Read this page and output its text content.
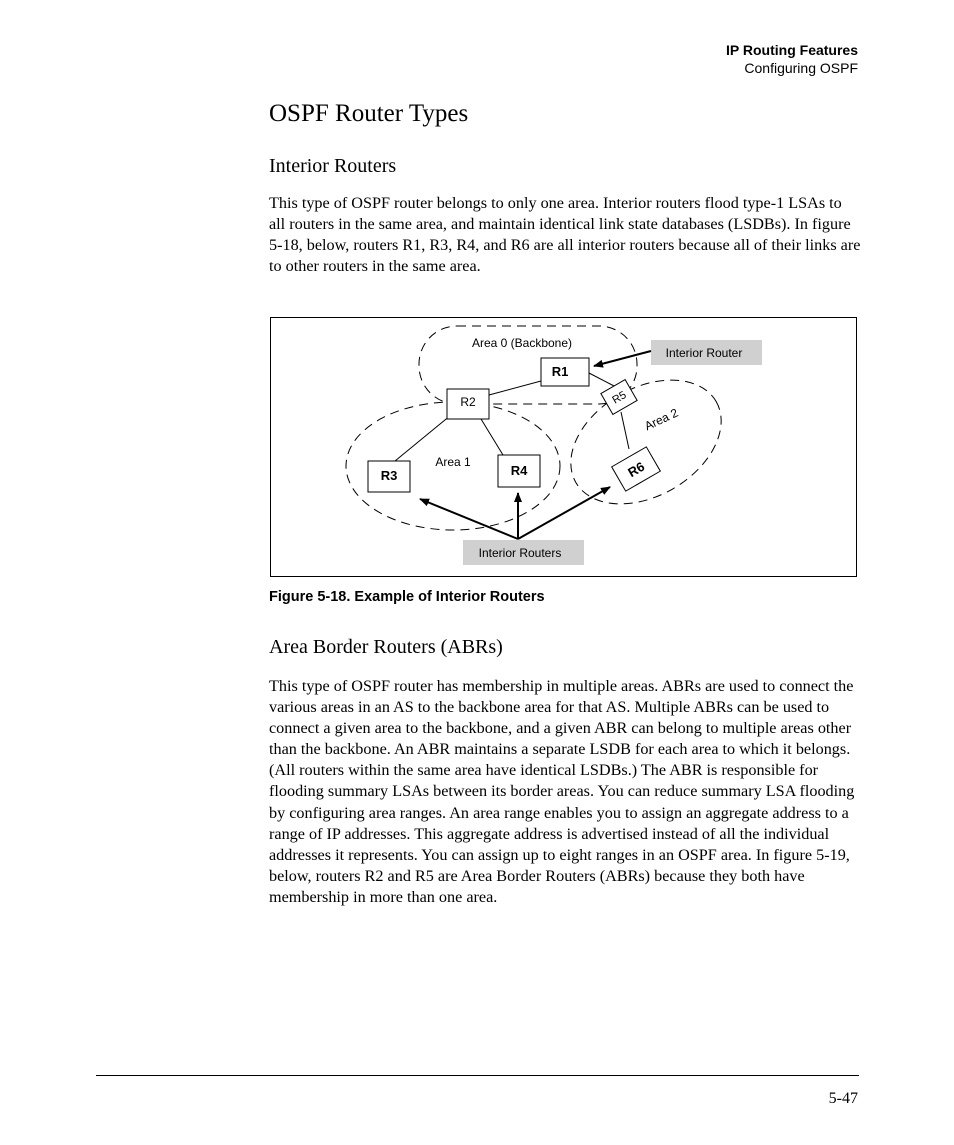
IP Routing Features
Configuring OSPF
OSPF Router Types
Interior Routers

This type of OSPF router belongs to only one area. Interior routers flood type-1 LSAs to all routers in the same area, and maintain identical link state databases (LSDBs). In figure 5-18, below, routers R1, R3, R4, and R6 are all interior routers because all of their links are to other routers in the same area.

R1
R2
R3	R4
R5
R6
Area 0 (Backbone)
Area 1
Area 2
Interior Router
Interior Routers
Figure 5-18. Example of Interior Routers
Area Border Routers (ABRs)

This type of OSPF router has membership in multiple areas. ABRs are used to connect the various areas in an AS to the backbone area for that AS. Multiple ABRs can be used to connect a given area to the backbone, and a given ABR can belong to multiple areas other than the backbone. An ABR maintains a separate LSDB for each area to which it belongs. (All routers within the same area have identical LSDBs.) The ABR is responsible for flooding summary LSAs between its border areas. You can reduce summary LSA flooding by configuring area ranges. An area range enables you to assign an aggregate address to a range of IP addresses. This aggregate address is advertised instead of all the individual addresses it represents. You can assign up to eight ranges in an OSPF area. In figure 5-19, below, routers R2 and R5 are Area Border Routers (ABRs) because they both have membership in more than one area.

5-47
